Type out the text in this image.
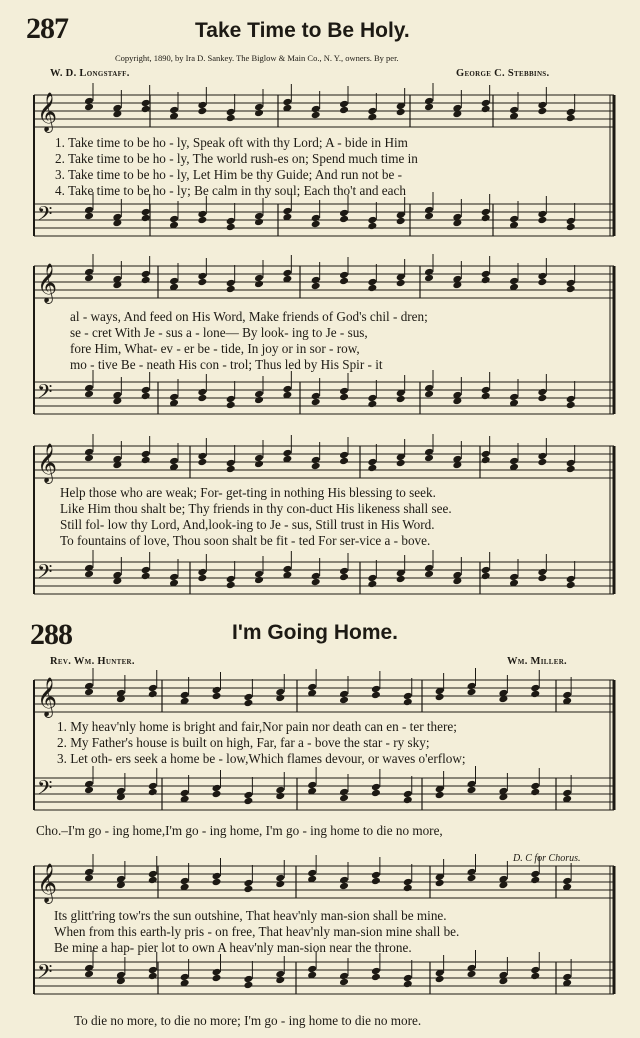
287	Take Time to Be Holy.
Copyright, 1890, by Ira D. Sankey. The Biglow & Main Co., N. Y., owners. By per.
W. D. Longstaff.	George C. Stebbins.
𝄞
𝄢
𝄞
𝄢
𝄞
𝄢
𝄞
𝄢
𝄞
𝄢
1. Take time to be ho - ly, Speak oft with thy Lord; A - bide in Him
2. Take time to be ho - ly, The world rush-es on; Spend much time in
3. Take time to be ho - ly, Let Him be thy Guide; And run not be -
4. Take time to be ho - ly; Be calm in thy soul; Each tho't and each
al - ways, And feed on His Word, Make friends of God's chil - dren;
se - cret With Je - sus a - lone— By look- ing to Je - sus,
fore Him, What- ev - er be - tide, In joy or in sor - row,
mo - tive Be - neath His con - trol; Thus led by His Spir - it
Help those who are weak; For- get-ting in nothing His blessing to seek.
Like Him thou shalt be; Thy friends in thy con-duct His likeness shall see.
Still fol- low thy Lord, And,look-ing to Je - sus, Still trust in His Word.
To fountains of love, Thou soon shalt be fit - ted For ser-vice a - bove.
288	I'm Going Home.
Rev. Wm. Hunter.	Wm. Miller.
1. My heav'nly home is bright and fair,Nor pain nor death can en - ter there;
2. My Father's house is built on high, Far, far a - bove the star - ry sky;
3. Let oth- ers seek a home be - low,Which flames devour, or waves o'erflow;
Cho.–I'm go - ing home,I'm go - ing home, I'm go - ing home to die no more,
D. C for Chorus.
Its glitt'ring tow'rs the sun outshine, That heav'nly man-sion shall be mine.
When from this earth-ly pris - on free, That heav'nly man-sion mine shall be.
Be mine a hap- pier lot to own A heav'nly man-sion near the throne.
To die no more, to die no more; I'm go - ing home to die no more.
